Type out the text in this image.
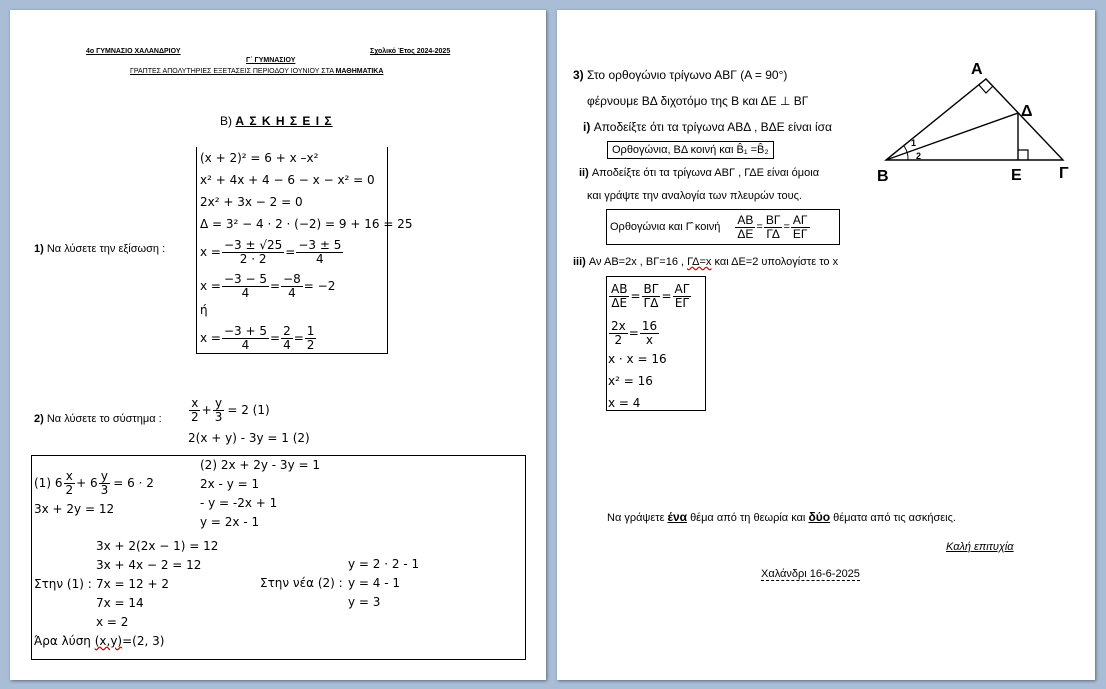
4o ΓΥΜΝΑΣΙΟ ΧΑΛΑΝΔΡΙΟΥ	Σχολικό Έτος 2024-2025
Γ΄ ΓΥΜΝΑΣΙΟΥ
ΓΡΑΠΤΕΣ ΑΠΟΛΥΤΗΡΙΕΣ ΕΞΕΤΑΣΕΙΣ ΠΕΡΙΟΔΟΥ ΙΟΥΝΙΟΥ ΣΤΑ ΜΑΘΗΜΑΤΙΚΑ
Β) Α Σ Κ Η Σ Ε Ι Σ
1) Να λύσετε την εξίσωση :
(x + 2)² = 6 + x –x²
x² + 4x + 4 − 6 − x − x² = 0
2x² + 3x − 2 = 0
Δ = 3² − 4 · 2 · (−2) = 9 + 16 = 25
$x = \frac{-3 \pm √25}{2 \cdot 2} = \frac{-3 \pm 5}{4}$
$x = \frac{-3 - 5}{4} = \frac{-8}{4} = -2$
ή
$x = \frac{-3 + 5}{4} = \frac{2}{4} = \frac{1}{2}$
2) Να λύσετε το σύστημα : $\frac{x}{2} + \frac{y}{3} = 2$ (1)
2(x + y) - 3y = 1 (2)
(1) $6 \frac{x}{2} + 6 \frac{y}{3} = 6 \cdot 2$
3x + 2y = 12
(2) 2x + 2y - 3y = 1
2x - y = 1
- y = -2x + 1
y = 2x - 1
3x + 2(2x − 1) = 12
3x + 4x − 2 = 12
Στην (1) : 7x = 12 + 2
7x = 14
x = 2
y = 2 · 2 - 1
Στην νέα (2) : y = 4 - 1
y = 3
Άρα λύση (x,y)=(2, 3)
3) Στο ορθογώνιο τρίγωνο ΑΒΓ (Α = 90°)
φέρνουμε ΒΔ διχοτόμο της Β και ΔΕ ⊥ ΒΓ
i) Αποδείξτε ότι τα τρίγωνα ΑΒΔ , ΒΔΕ είναι ίσα
Ορθογώνια, ΒΔ κοινή και B̂₁ =B̂₂
ii) Αποδείξτε ότι τα τρίγωνα ΑΒΓ , ΓΔΕ είναι όμοια
και γράψτε την αναλογία των πλευρών τους.
Ορθογώνια και Γ̂ κοινή $\frac{AB}{\Delta E} = \frac{B\Gamma}{\Gamma\Delta} = \frac{A\Gamma}{E\Gamma}$
iii) Αν ΑΒ=2x , ΒΓ=16 , ΓΔ=x και ΔΕ=2 υπολογίστε το x
$\frac{AB}{\Delta E} = \frac{B\Gamma}{\Gamma\Delta} = \frac{A\Gamma}{E\Gamma}$
$\frac{2x}{2} = \frac{16}{x}$
x · x = 16
x² = 16
x = 4
1
2
Α
Β	Γ
Δ
Ε
Να γράψετε ένα θέμα από τη θεωρία και δύο θέματα από τις ασκήσεις.
Καλή επιτυχία
Χαλάνδρι 16-6-2025
